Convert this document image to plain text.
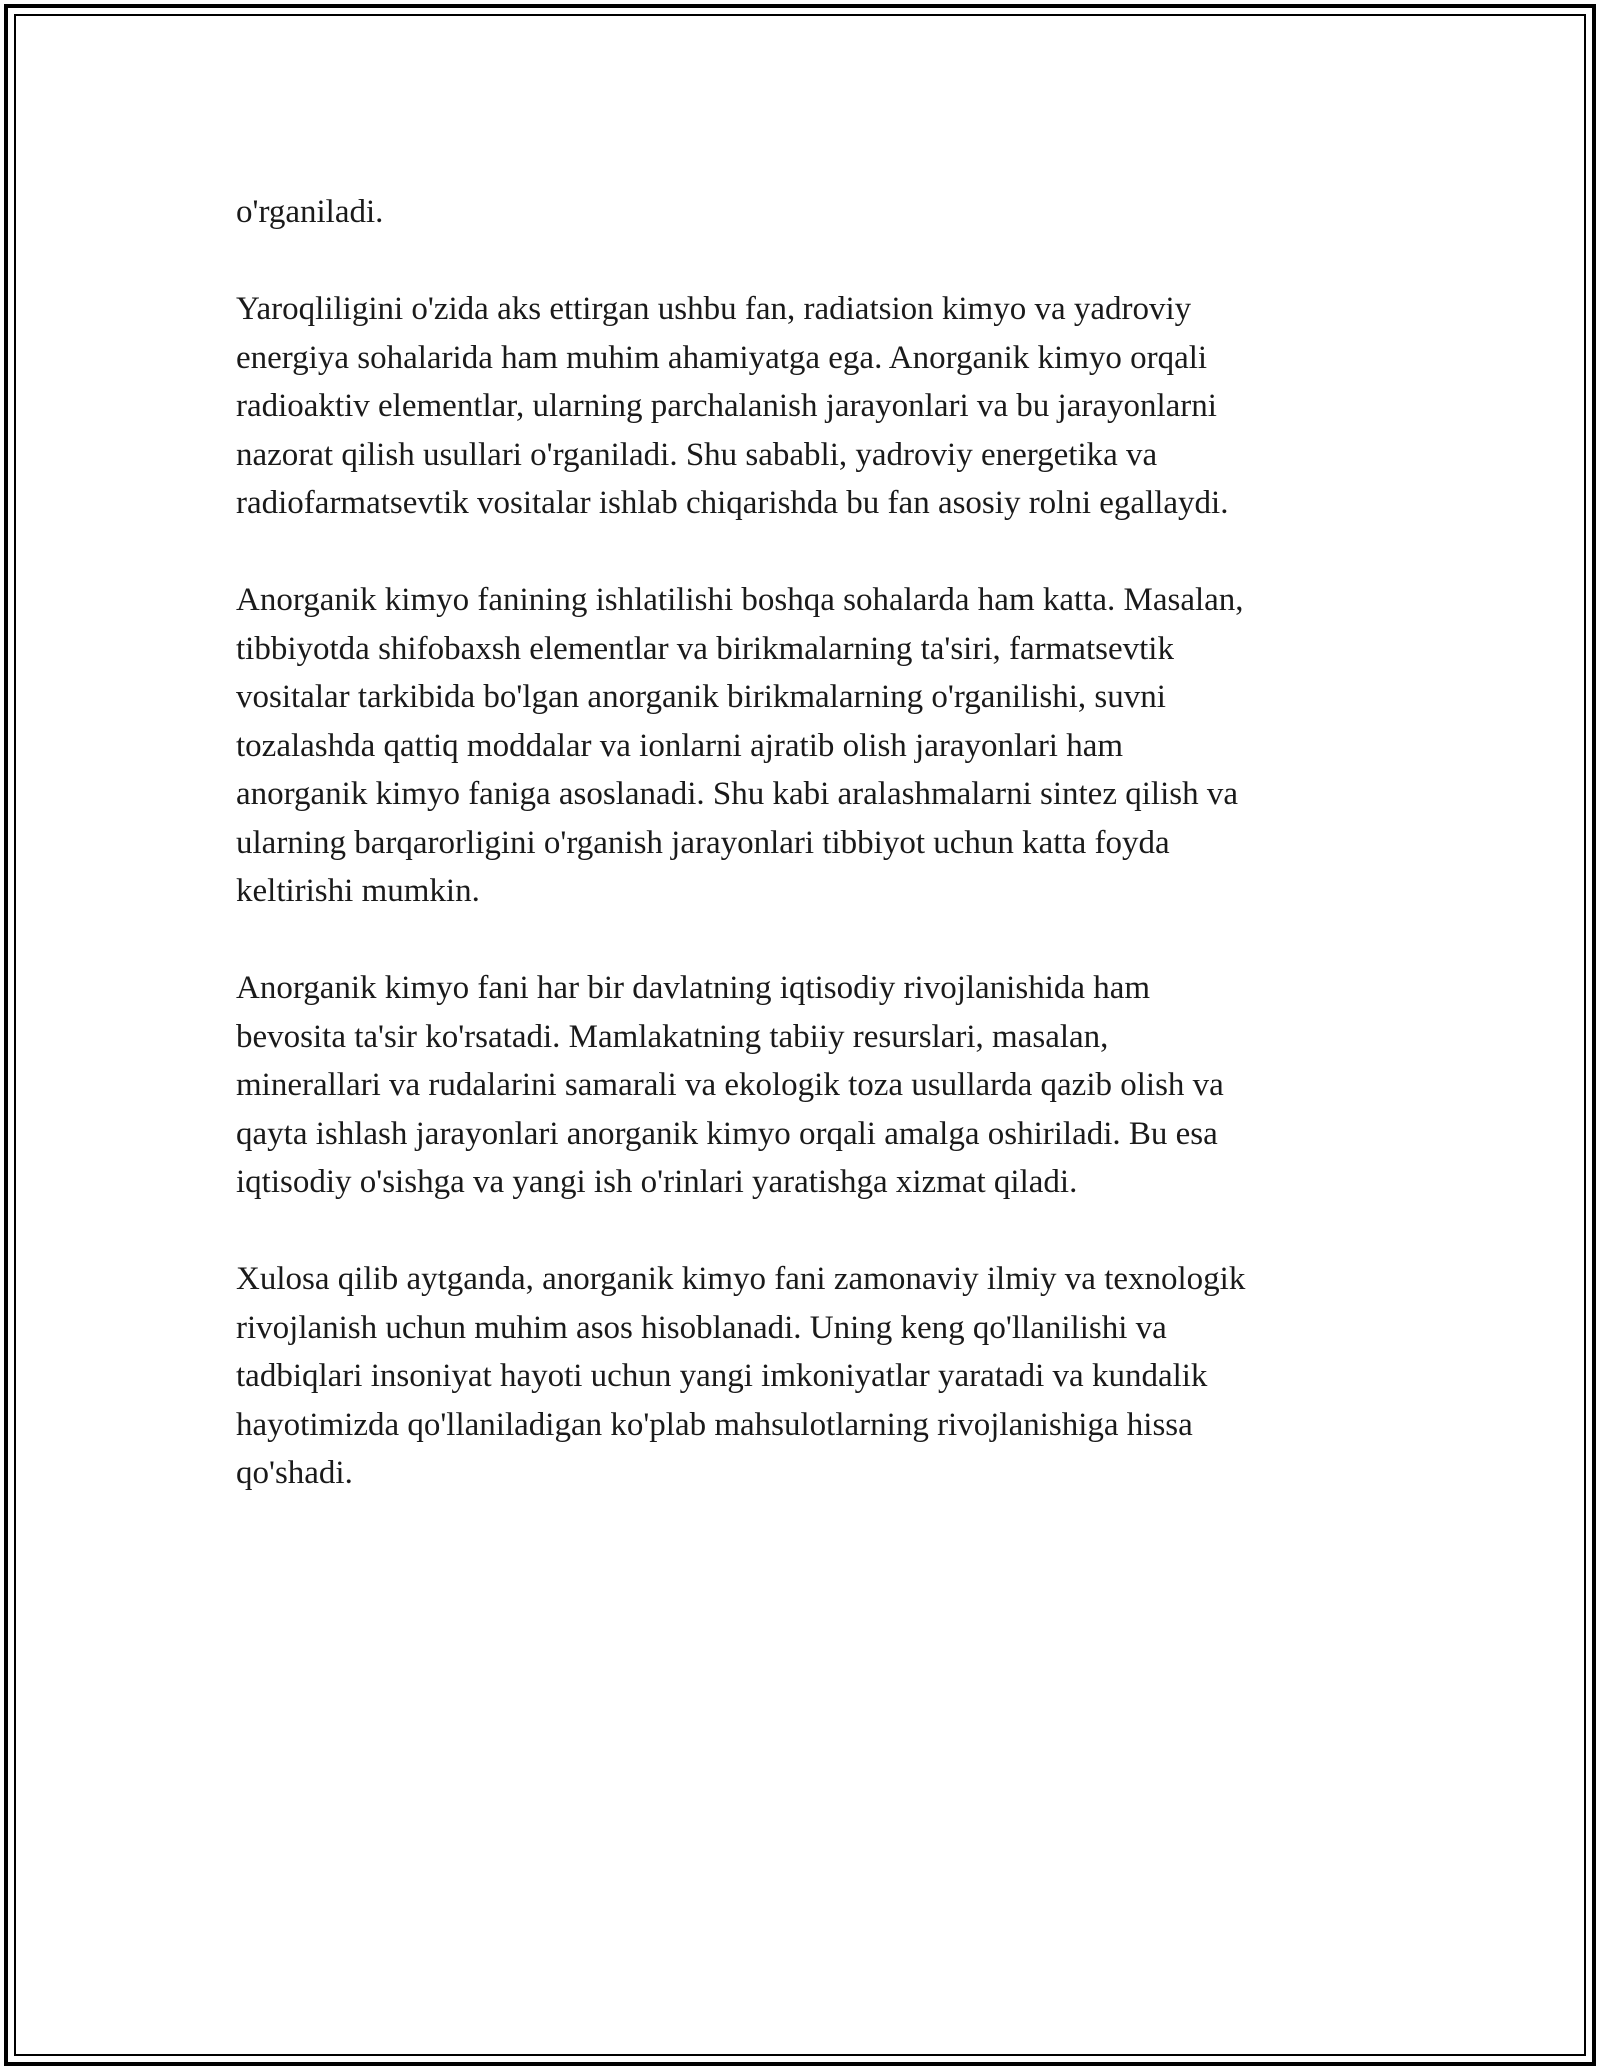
o'rganiladi.

Yaroqliligini o'zida aks ettirgan ushbu fan, radiatsion kimyo va yadroviy
energiya sohalarida ham muhim ahamiyatga ega. Anorganik kimyo orqali
radioaktiv elementlar, ularning parchalanish jarayonlari va bu jarayonlarni
nazorat qilish usullari o'rganiladi. Shu sababli, yadroviy energetika va
radiofarmatsevtik vositalar ishlab chiqarishda bu fan asosiy rolni egallaydi.

Anorganik kimyo fanining ishlatilishi boshqa sohalarda ham katta. Masalan,
tibbiyotda shifobaxsh elementlar va birikmalarning ta'siri, farmatsevtik
vositalar tarkibida bo'lgan anorganik birikmalarning o'rganilishi, suvni
tozalashda qattiq moddalar va ionlarni ajratib olish jarayonlari ham
anorganik kimyo faniga asoslanadi. Shu kabi aralashmalarni sintez qilish va
ularning barqarorligini o'rganish jarayonlari tibbiyot uchun katta foyda
keltirishi mumkin.

Anorganik kimyo fani har bir davlatning iqtisodiy rivojlanishida ham
bevosita ta'sir ko'rsatadi. Mamlakatning tabiiy resurslari, masalan,
minerallari va rudalarini samarali va ekologik toza usullarda qazib olish va
qayta ishlash jarayonlari anorganik kimyo orqali amalga oshiriladi. Bu esa
iqtisodiy o'sishga va yangi ish o'rinlari yaratishga xizmat qiladi.

Xulosa qilib aytganda, anorganik kimyo fani zamonaviy ilmiy va texnologik
rivojlanish uchun muhim asos hisoblanadi. Uning keng qo'llanilishi va
tadbiqlari insoniyat hayoti uchun yangi imkoniyatlar yaratadi va kundalik
hayotimizda qo'llaniladigan ko'plab mahsulotlarning rivojlanishiga hissa
qo'shadi.
